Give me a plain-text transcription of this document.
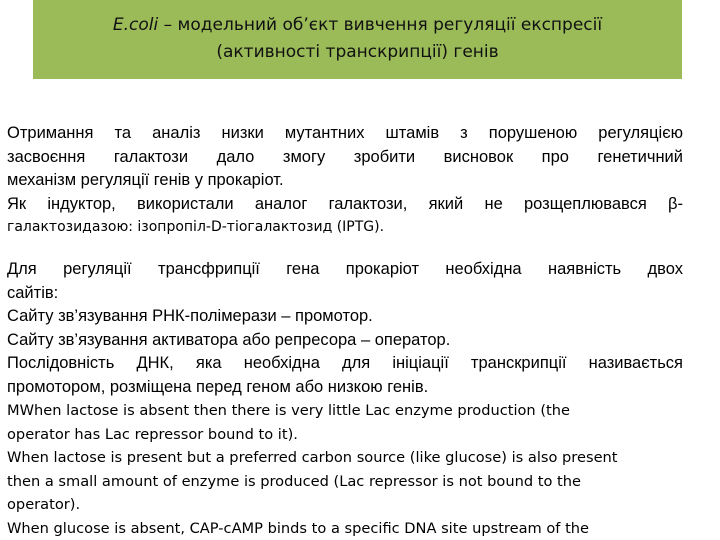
E.coli – модельний об’єкт вивчення регуляції експресії
(активності транскрипції) генів
Отримання та аналіз низки мутантних штамів з порушеною регуляцією
засвоєння галактози дало змогу зробити висновок про генетичний
механізм регуляції генів у прокаріот.
Як індуктор, використали аналог галактози, який не розщеплювався β-
галактозидазою: ізопропіл-D-тіогалактозид (IPTG).
Для регуляції трансфрипції гена прокаріот необхідна наявність двох
сайтів:
Сайту зв’язування РНК-полімерази – промотор.
Сайту зв’язування активатора або репресора – оператор.
Послідовність ДНК, яка необхідна для ініціації транскрипції називається
промотором, розміщена перед геном або низкою генів.
MWhen lactose is absent then there is very little Lac enzyme production (the
operator has Lac repressor bound to it).
When lactose is present but a preferred carbon source (like glucose) is also present
then a small amount of enzyme is produced (Lac repressor is not bound to the
operator).
When glucose is absent, CAP-cAMP binds to a specific DNA site upstream of the
